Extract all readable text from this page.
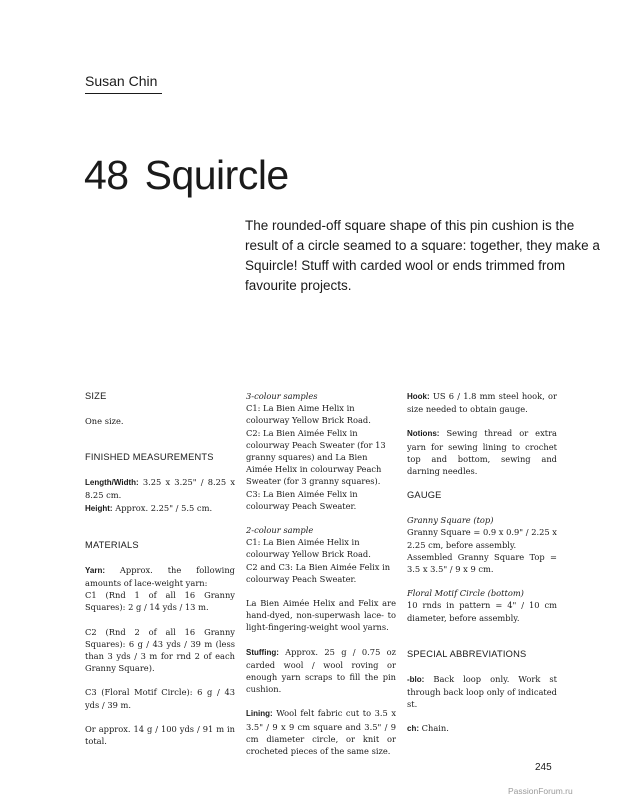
Susan Chin
48 Squircle
The rounded-off square shape of this pin cushion is the result of a circle seamed to a square: together, they make a Squircle! Stuff with carded wool or ends trimmed from favourite projects.

SIZE

One size.

FINISHED MEASUREMENTS

Length/Width: 3.25 x 3.25" / 8.25 x 8.25 cm.

Height: Approx. 2.25" / 5.5 cm.

MATERIALS

Yarn: Approx. the following amounts of lace-weight yarn:

C1 (Rnd 1 of all 16 Granny Squares): 2 g / 14 yds / 13 m.

C2 (Rnd 2 of all 16 Granny Squares): 6 g / 43 yds / 39 m (less than 3 yds / 3 m for rnd 2 of each Granny Square).

C3 (Floral Motif Circle): 6 g / 43 yds / 39 m.

Or approx. 14 g / 100 yds / 91 m in total.

3-colour samples

C1: La Bien Aime Helix in colourway Yellow Brick Road.

C2: La Bien Aimée Felix in colourway Peach Sweater (for 13 granny squares) and La Bien Aimée Helix in colourway Peach Sweater (for 3 granny squares).

C3: La Bien Aimée Felix in colourway Peach Sweater.

2-colour sample

C1: La Bien Aimée Helix in colourway Yellow Brick Road.

C2 and C3: La Bien Aimée Felix in colourway Peach Sweater.

La Bien Aimée Helix and Felix are hand-dyed, non-superwash lace- to light-fingering-weight wool yarns.

Stuffing: Approx. 25 g / 0.75 oz carded wool / wool roving or enough yarn scraps to fill the pin cushion.

Lining: Wool felt fabric cut to 3.5 x 3.5" / 9 x 9 cm square and 3.5" / 9 cm diameter circle, or knit or crocheted pieces of the same size.

Hook: US 6 / 1.8 mm steel hook, or size needed to obtain gauge.

Notions: Sewing thread or extra yarn for sewing lining to crochet top and bottom, sewing and darning needles.

GAUGE

Granny Square (top)

Granny Square = 0.9 x 0.9" / 2.25 x 2.25 cm, before assembly.

Assembled Granny Square Top = 3.5 x 3.5" / 9 x 9 cm.

Floral Motif Circle (bottom)

10 rnds in pattern = 4" / 10 cm diameter, before assembly.

SPECIAL ABBREVIATIONS

-blo: Back loop only. Work st through back loop only of indicated st.

ch: Chain.

245
PassionForum.ru
